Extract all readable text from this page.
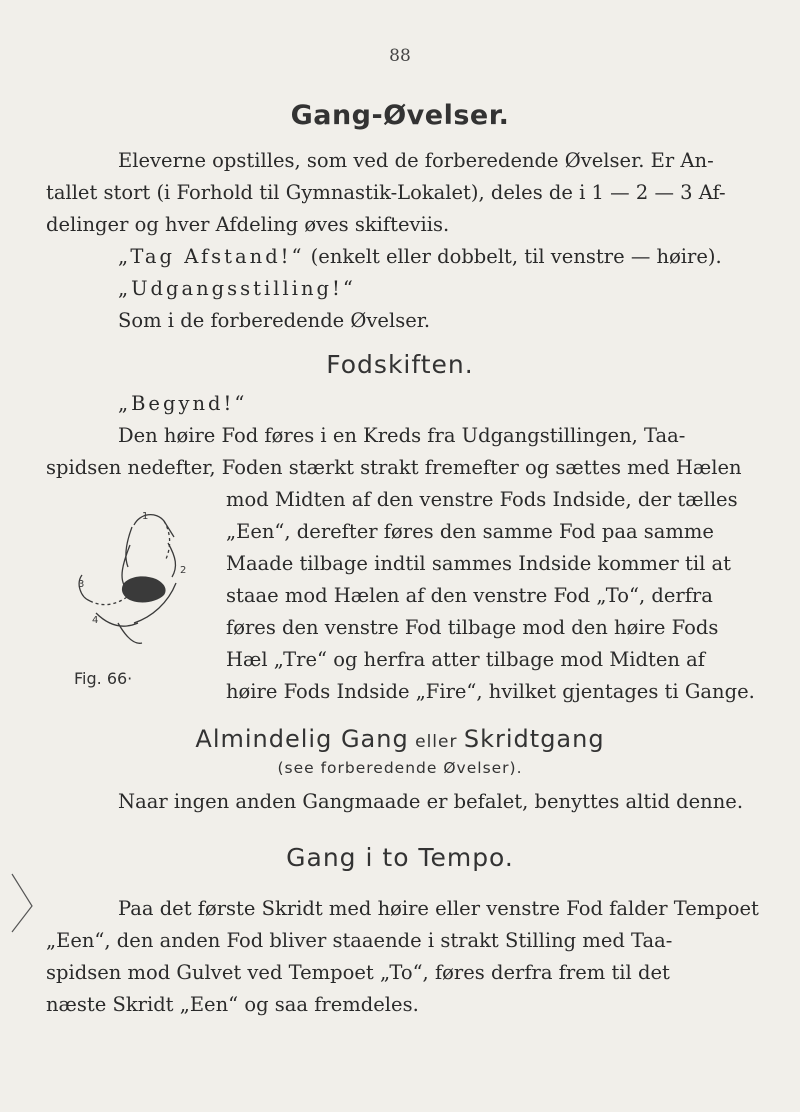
88
Gang-Øvelser.

Eleverne opstilles, som ved de forberedende Øvelser. Er An-

tallet stort (i Forhold til Gymnastik-Lokalet), deles de i 1 — 2 — 3 Af-

delinger og hver Afdeling øves skifteviis.

„Tag Afstand!“ (enkelt eller dobbelt, til venstre — høire).

„Udgangsstilling!“

Som i de forberedende Øvelser.

Fodskiften.

„Begynd!“

Den høire Fod føres i en Kreds fra Udgangstillingen, Taa-

spidsen nedefter, Foden stærkt strakt fremefter og sættes med Hælen

mod Midten af den venstre Fods Indside, der tælles

„Een“, derefter føres den samme Fod paa samme

Maade tilbage indtil sammes Indside kommer til at

staae mod Hælen af den venstre Fod „To“, derfra

føres den venstre Fod tilbage mod den høire Fods

Hæl „Tre“ og herfra atter tilbage mod Midten af

høire Fods Indside „Fire“, hvilket gjentages ti Gange.

3
4
2
1
Fig. 66·
Almindelig Gang eller Skridtgang
(see forberedende Øvelser).

Naar ingen anden Gangmaade er befalet, benyttes altid denne.

Gang i to Tempo.

Paa det første Skridt med høire eller venstre Fod falder Tempoet

„Een“, den anden Fod bliver staaende i strakt Stilling med Taa-

spidsen mod Gulvet ved Tempoet „To“, føres derfra frem til det

næste Skridt „Een“ og saa fremdeles.
